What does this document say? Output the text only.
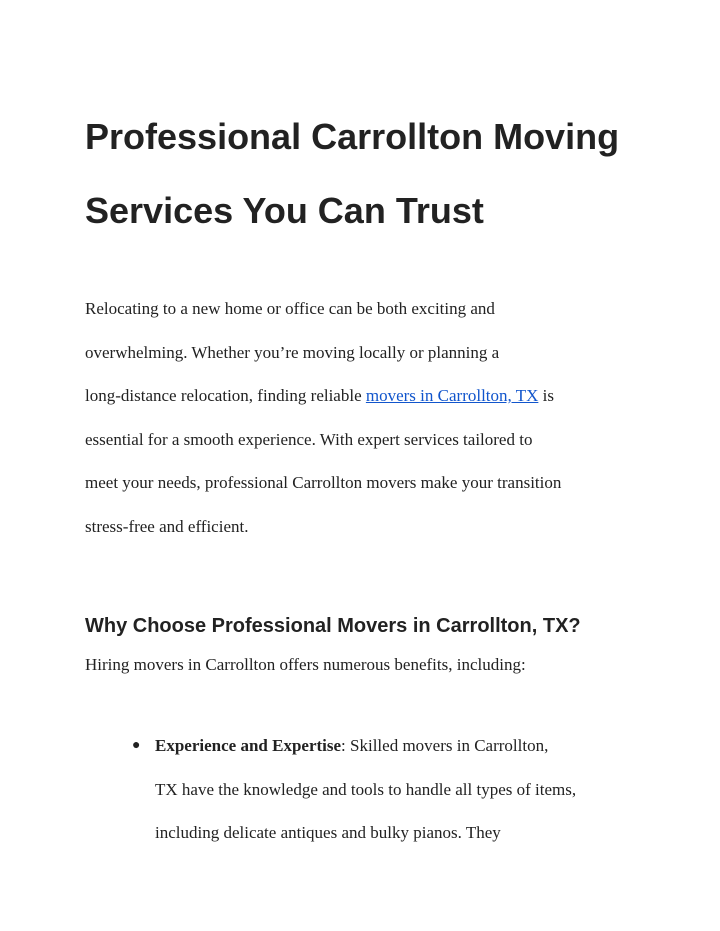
Professional Carrollton Moving
Services You Can Trust

Relocating to a new home or office can be both exciting and
overwhelming. Whether you’re moving locally or planning a
long-distance relocation, finding reliable movers in Carrollton, TX is
essential for a smooth experience. With expert services tailored to
meet your needs, professional Carrollton movers make your transition
stress-free and efficient.

Why Choose Professional Movers in Carrollton, TX?

Hiring movers in Carrollton offers numerous benefits, including:

● Experience and Expertise: Skilled movers in Carrollton,
TX have the knowledge and tools to handle all types of items,
including delicate antiques and bulky pianos. They
